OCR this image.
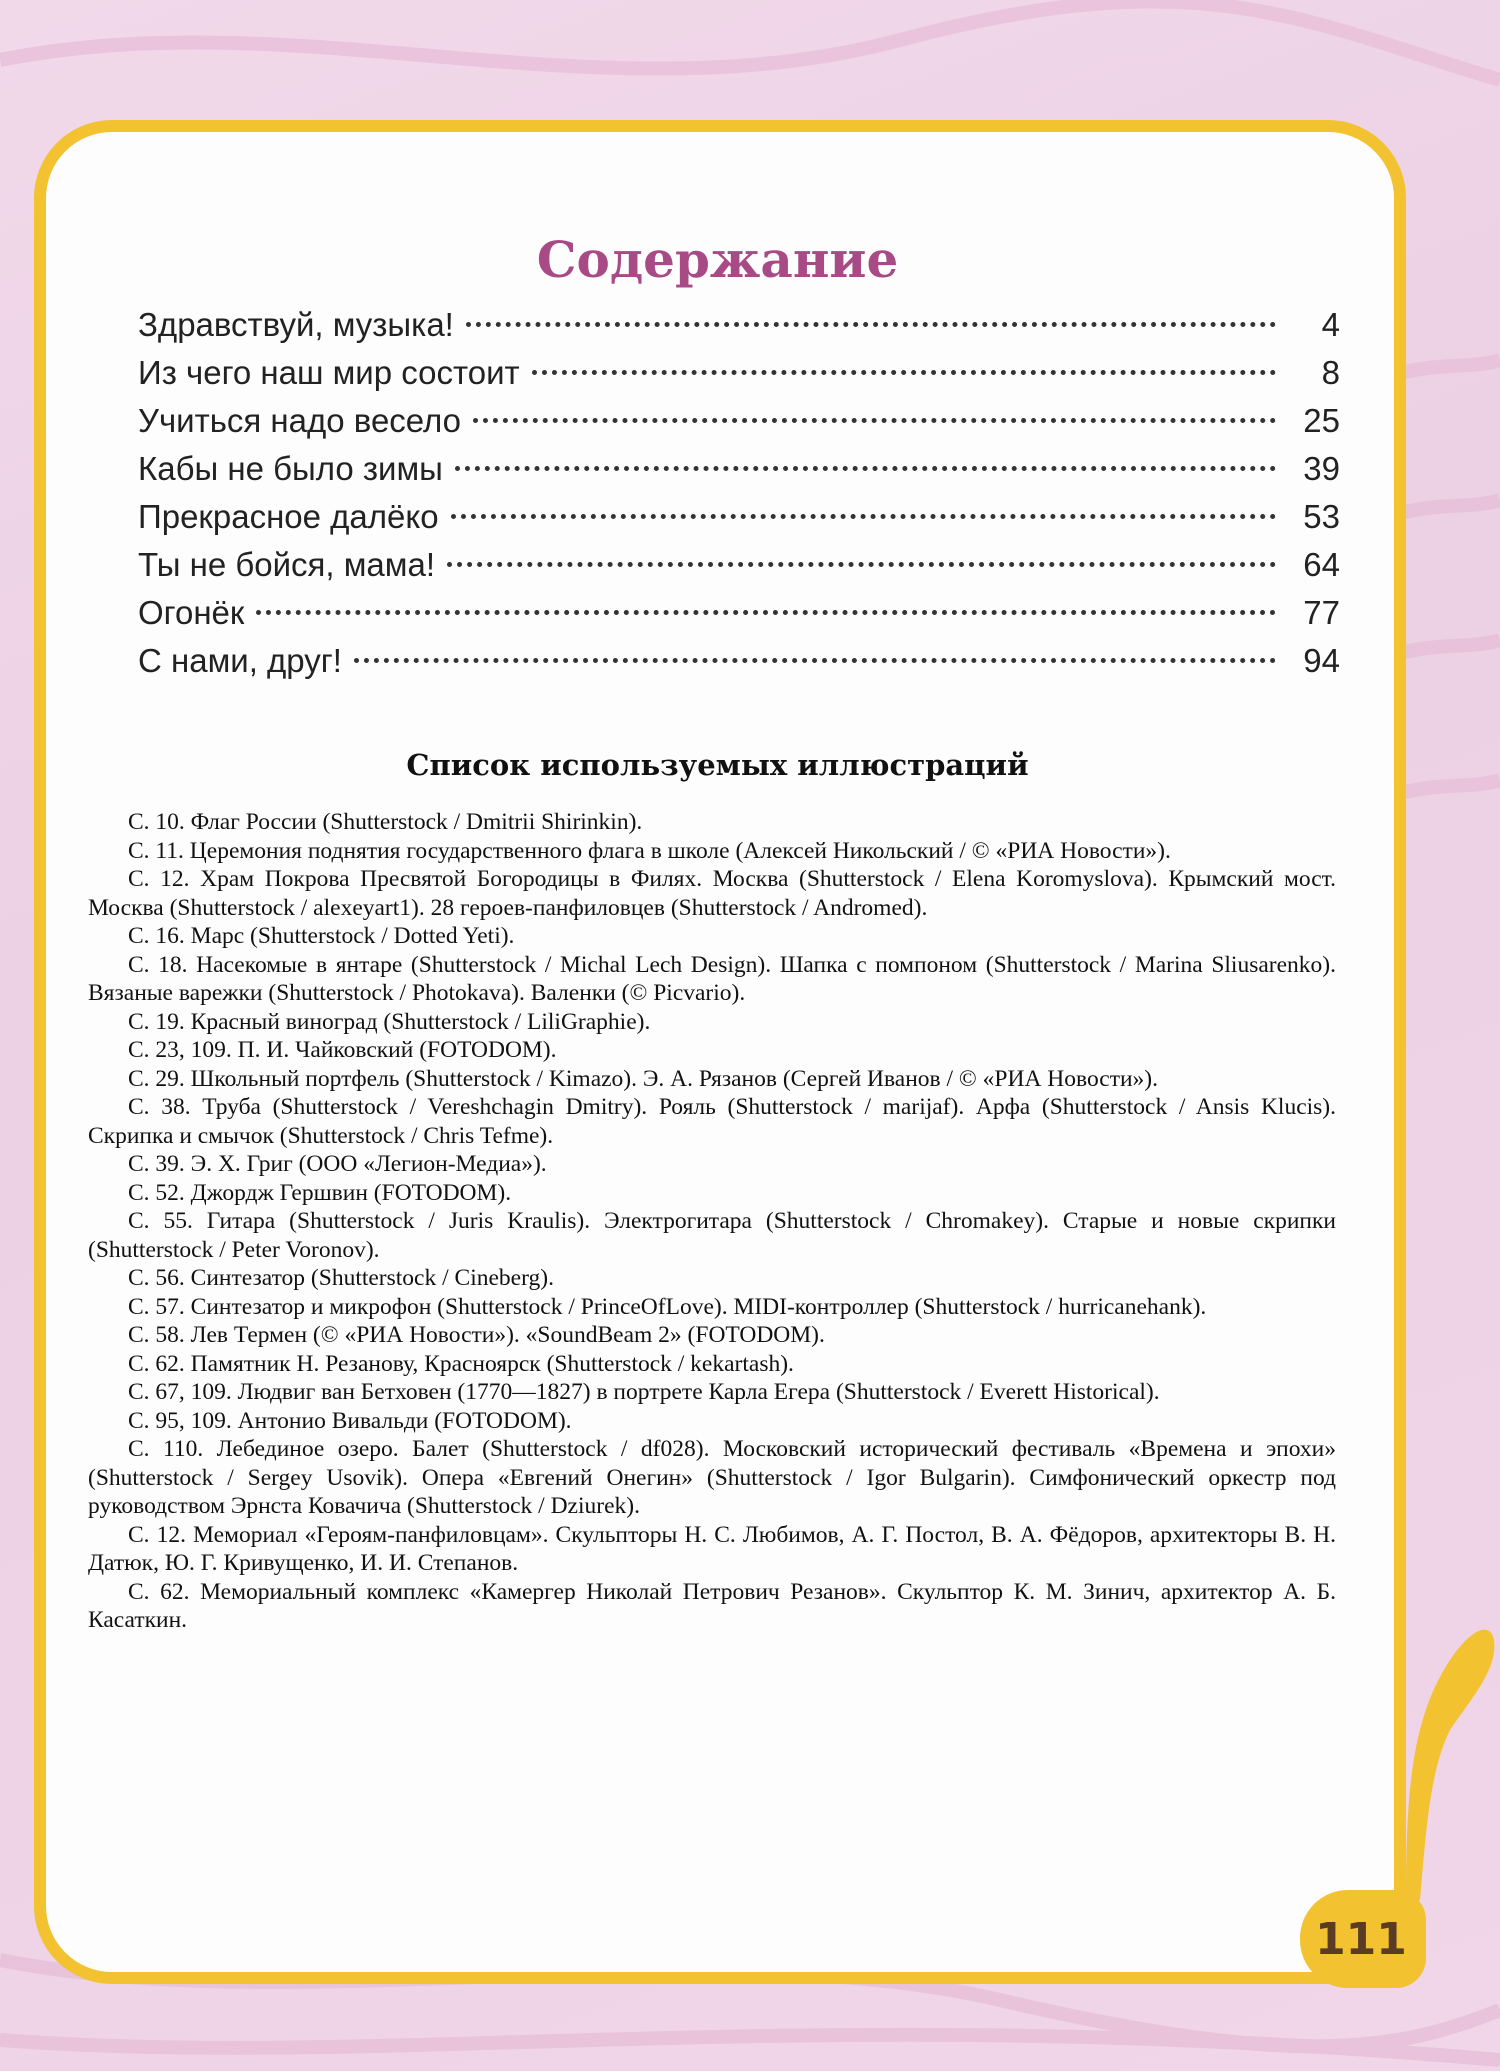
Содержание
Здравствуй, музыка!	4
Из чего наш мир состоит	8
Учиться надо весело	25
Кабы не было зимы	39
Прекрасное далёко	53
Ты не бойся, мама!	64
Огонёк	77
С нами, друг!	94
Список используемых иллюстраций

С. 10. Флаг России (Shutterstock / Dmitrii Shirinkin).

С. 11. Церемония поднятия государственного флага в школе (Алексей Никольский / © «РИА Новости»).

С. 12. Храм Покрова Пресвятой Богородицы в Филях. Москва (Shutterstock / Elena Koromyslova). Крымский мост. Москва (Shutterstock / alexeyart1). 28 героев-панфиловцев (Shutterstock / Andromed).

С. 16. Марс (Shutterstock / Dotted Yeti).

С. 18. Насекомые в янтаре (Shutterstock / Michal Lech Design). Шапка с помпоном (Shutterstock / Marina Sliusarenko). Вязаные варежки (Shutterstock / Photokava). Валенки (© Picvario).

С. 19. Красный виноград (Shutterstock / LiliGraphie).

С. 23, 109. П. И. Чайковский (FOTODOM).

С. 29. Школьный портфель (Shutterstock / Kimazo). Э. А. Рязанов (Сергей Иванов / © «РИА Новости»).

С. 38. Труба (Shutterstock / Vereshchagin Dmitry). Рояль (Shutterstock / marijaf). Арфа (Shutterstock / Ansis Klucis). Скрипка и смычок (Shutterstock / Chris Tefme).

С. 39. Э. Х. Григ (ООО «Легион-Медиа»).

С. 52. Джордж Гершвин (FOTODOM).

С. 55. Гитара (Shutterstock / Juris Kraulis). Электрогитара (Shutterstock / Chromakey). Старые и новые скрипки (Shutterstock / Peter Voronov).

С. 56. Синтезатор (Shutterstock / Cineberg).

С. 57. Синтезатор и микрофон (Shutterstock / PrinceOfLove). MIDI-контроллер (Shutterstock / hurricanehank).

С. 58. Лев Термен (© «РИА Новости»). «SoundBeam 2» (FOTODOM).

С. 62. Памятник Н. Резанову, Красноярск (Shutterstock / kekartash).

С. 67, 109. Людвиг ван Бетховен (1770—1827) в портрете Карла Егера (Shutterstock / Everett Historical).

С. 95, 109. Антонио Вивальди (FOTODOM).

С. 110. Лебединое озеро. Балет (Shutterstock / df028). Московский исторический фестиваль «Времена и эпохи» (Shutterstock / Sergey Usovik). Опера «Евгений Онегин» (Shutterstock / Igor Bulgarin). Симфонический оркестр под руководством Эрнста Ковачича (Shutterstock / Dziurek).

С. 12. Мемориал «Героям-панфиловцам». Скульпторы Н. С. Любимов, А. Г. Постол, В. А. Фёдоров, архитекторы В. Н. Датюк, Ю. Г. Кривущенко, И. И. Степанов.

С. 62. Мемориальный комплекс «Камергер Николай Петрович Резанов». Скульптор К. М. Зинич, архитектор А. Б. Касаткин.

111
